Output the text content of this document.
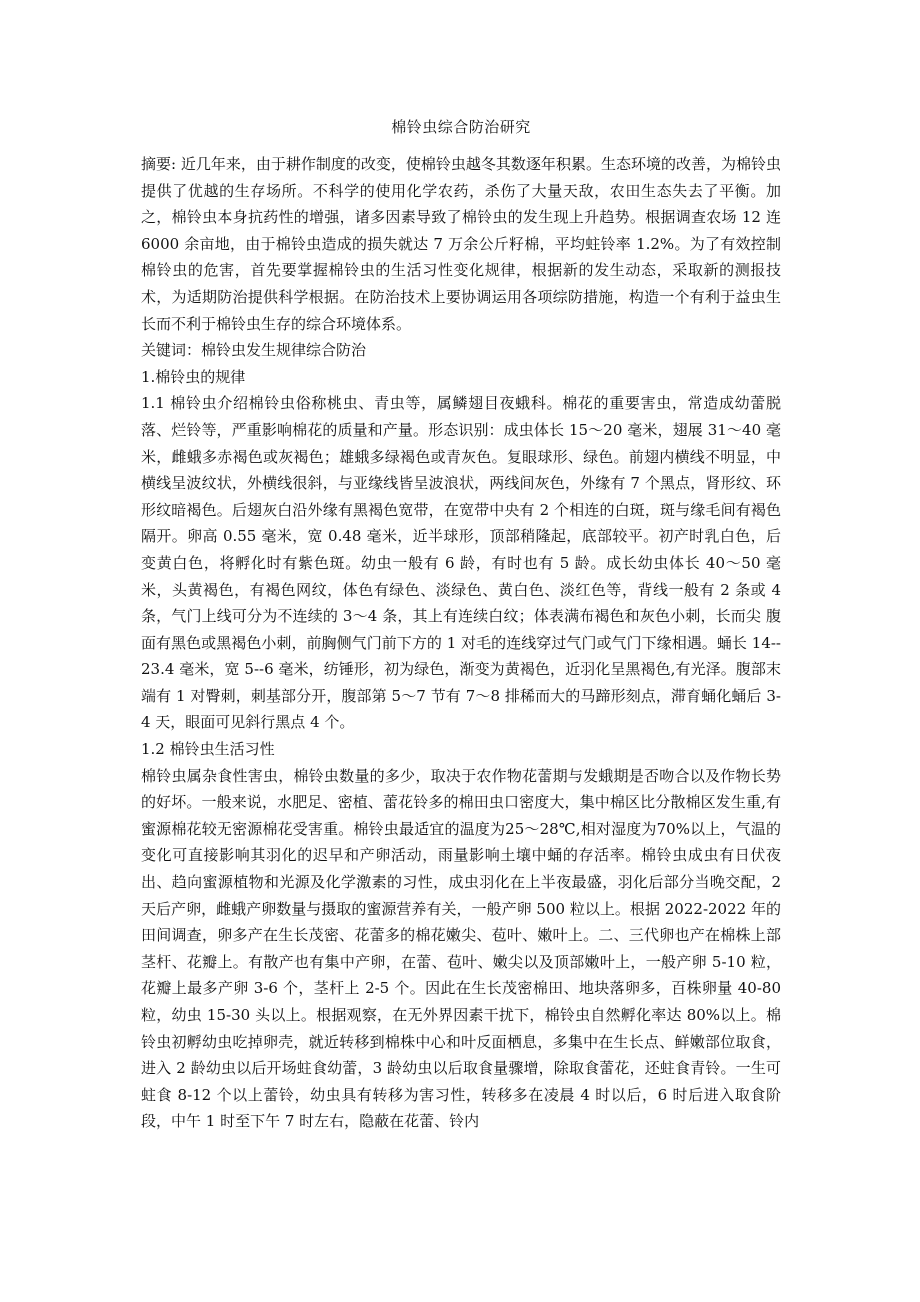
棉铃虫综合防治研究

摘要: 近几年来，由于耕作制度的改变，使棉铃虫越冬其数逐年积累。生态环境的改善，为棉铃虫提供了优越的生存场所。不科学的使用化学农药，杀伤了大量天敌，农田生态失去了平衡。加之，棉铃虫本身抗药性的增强，诸多因素导致了棉铃虫的发生现上升趋势。根据调查农场 12 连 6000 余亩地，由于棉铃虫造成的损失就达 7 万余公斤籽棉，平均蛀铃率 1.2%。为了有效控制棉铃虫的危害，首先要掌握棉铃虫的生活习性变化规律，根据新的发生动态，采取新的测报技术，为适期防治提供科学根据。在防治技术上要协调运用各项综防措施，构造一个有利于益虫生长而不利于棉铃虫生存的综合环境体系。

关键词：棉铃虫发生规律综合防治

1.棉铃虫的规律

1.1 棉铃虫介绍棉铃虫俗称桃虫、青虫等，属鳞翅目夜蛾科。棉花的重要害虫，常造成幼蕾脱落、烂铃等，严重影响棉花的质量和产量。形态识别：成虫体长 15～20 毫米，翅展 31～40 毫米，雌蛾多赤褐色或灰褐色；雄蛾多绿褐色或青灰色。复眼球形、绿色。前翅内横线不明显，中横线呈波纹状，外横线很斜，与亚缘线皆呈波浪状，两线间灰色，外缘有 7 个黑点，肾形纹、环形纹暗褐色。后翅灰白沿外缘有黑褐色宽带，在宽带中央有 2 个相连的白斑，斑与缘毛间有褐色隔开。卵高 0.55 毫米，宽 0.48 毫米，近半球形，顶部稍隆起，底部较平。初产时乳白色，后变黄白色，将孵化时有紫色斑。幼虫一般有 6 龄，有时也有 5 龄。成长幼虫体长 40～50 毫米，头黄褐色，有褐色网纹，体色有绿色、淡绿色、黄白色、淡红色等，背线一般有 2 条或 4 条，气门上线可分为不连续的 3～4 条，其上有连续白纹；体表满布褐色和灰色小刺，长而尖 腹面有黑色或黑褐色小刺，前胸侧气门前下方的 1 对毛的连线穿过气门或气门下缘相遇。蛹长 14--23.4 毫米，宽 5--6 毫米，纺锤形，初为绿色，渐变为黄褐色，近羽化呈黑褐色,有光泽。腹部末端有 1 对臀刺，刺基部分开，腹部第 5～7 节有 7～8 排稀而大的马蹄形刻点，滞育蛹化蛹后 3-4 天，眼面可见斜行黑点 4 个。

1.2 棉铃虫生活习性

棉铃虫属杂食性害虫，棉铃虫数量的多少，取决于农作物花蕾期与发蛾期是否吻合以及作物长势的好坏。一般来说，水肥足、密植、蕾花铃多的棉田虫口密度大，集中棉区比分散棉区发生重,有蜜源棉花较无密源棉花受害重。棉铃虫最适宜的温度为25～28℃,相对湿度为70%以上，气温的变化可直接影响其羽化的迟早和产卵活动，雨量影响土壤中蛹的存活率。棉铃虫成虫有日伏夜出、趋向蜜源植物和光源及化学激素的习性，成虫羽化在上半夜最盛，羽化后部分当晚交配，2 天后产卵，雌蛾产卵数量与摄取的蜜源营养有关，一般产卵 500 粒以上。根据 2022-2022 年的田间调查，卵多产在生长茂密、花蕾多的棉花嫩尖、苞叶、嫩叶上。二、三代卵也产在棉株上部茎杆、花瓣上。有散产也有集中产卵，在蕾、苞叶、嫩尖以及顶部嫩叶上，一般产卵 5-10 粒，花瓣上最多产卵 3-6 个，茎杆上 2-5 个。因此在生长茂密棉田、地块落卵多，百株卵量 40-80 粒，幼虫 15-30 头以上。根据观察，在无外界因素干扰下，棉铃虫自然孵化率达 80%以上。棉铃虫初孵幼虫吃掉卵壳，就近转移到棉株中心和叶反面栖息，多集中在生长点、鲜嫩部位取食，进入 2 龄幼虫以后开场蛀食幼蕾，3 龄幼虫以后取食量骤增，除取食蕾花，还蛀食青铃。一生可蛀食 8-12 个以上蕾铃，幼虫具有转移为害习性，转移多在凌晨 4 时以后，6 时后进入取食阶段，中午 1 时至下午 7 时左右，隐蔽在花蕾、铃内
